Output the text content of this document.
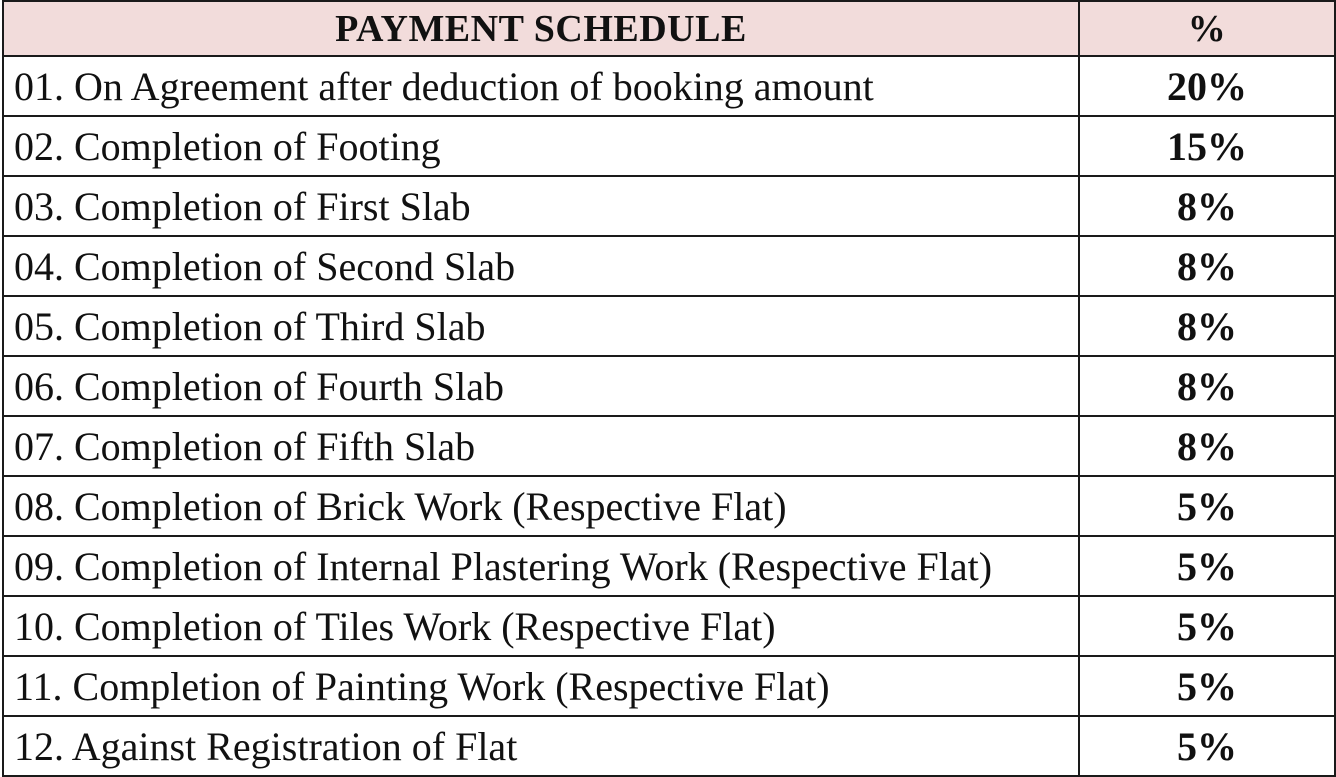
PAYMENT SCHEDULE	%
01. On Agreement after deduction of booking amount	20%
02. Completion of Footing	15%
03. Completion of First Slab	8%
04. Completion of Second Slab	8%
05. Completion of Third Slab	8%
06. Completion of Fourth Slab	8%
07. Completion of Fifth Slab	8%
08. Completion of Brick Work (Respective Flat)	5%
09. Completion of Internal Plastering Work (Respective Flat)	5%
10. Completion of Tiles Work (Respective Flat)	5%
11. Completion of Painting Work (Respective Flat)	5%
12. Against Registration of Flat	5%
